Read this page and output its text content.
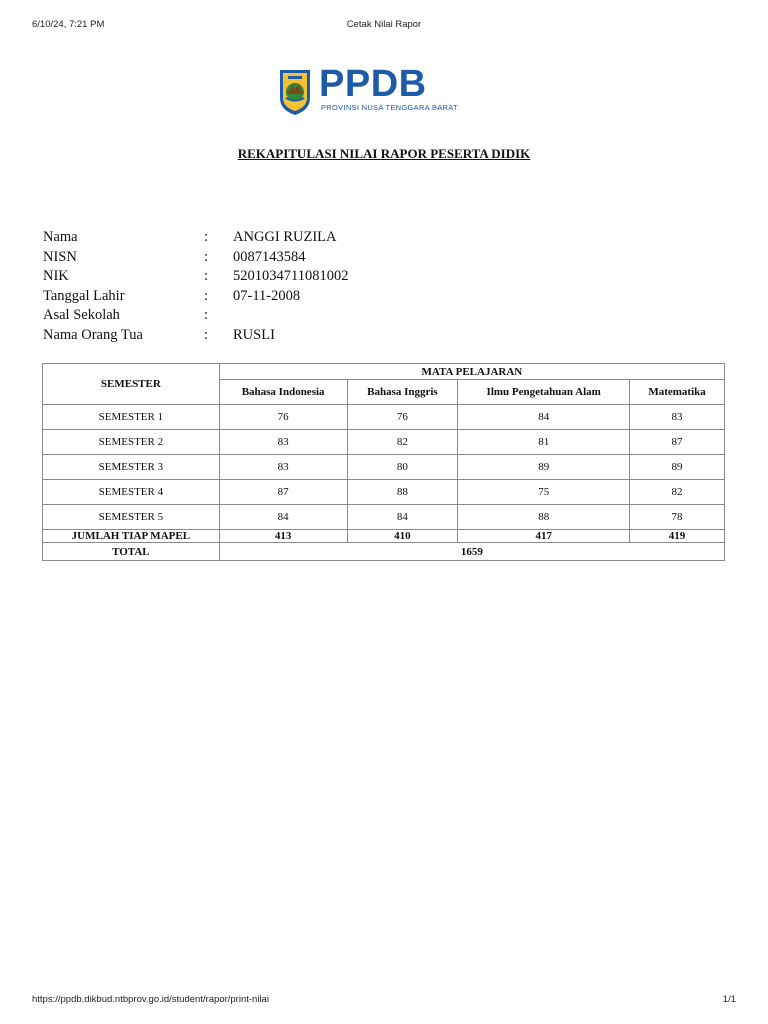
6/10/24, 7:21 PM	Cetak Nilai Rapor
PPDB
PROVINSI NUSA TENGGARA BARAT
REKAPITULASI NILAI RAPOR PESERTA DIDIK
Nama	: ANGGI RUZILA
NISN	: 0087143584
NIK	: 5201034711081002
Tanggal Lahir	: 07-11-2008
Asal Sekolah	:
Nama Orang Tua	: RUSLI
SEMESTER	MATA PELAJARAN			
	Bahasa Indonesia	Bahasa Inggris	Ilmu Pengetahuan Alam	Matematika
SEMESTER 1	76	76	84	83
SEMESTER 2	83	82	81	87
SEMESTER 3	83	80	89	89
SEMESTER 4	87	88	75	82
SEMESTER 5	84	84	88	78
JUMLAH TIAP MAPEL	413	410	417	419
TOTAL	1659			
https://ppdb.dikbud.ntbprov.go.id/student/rapor/print-nilai	1/1
